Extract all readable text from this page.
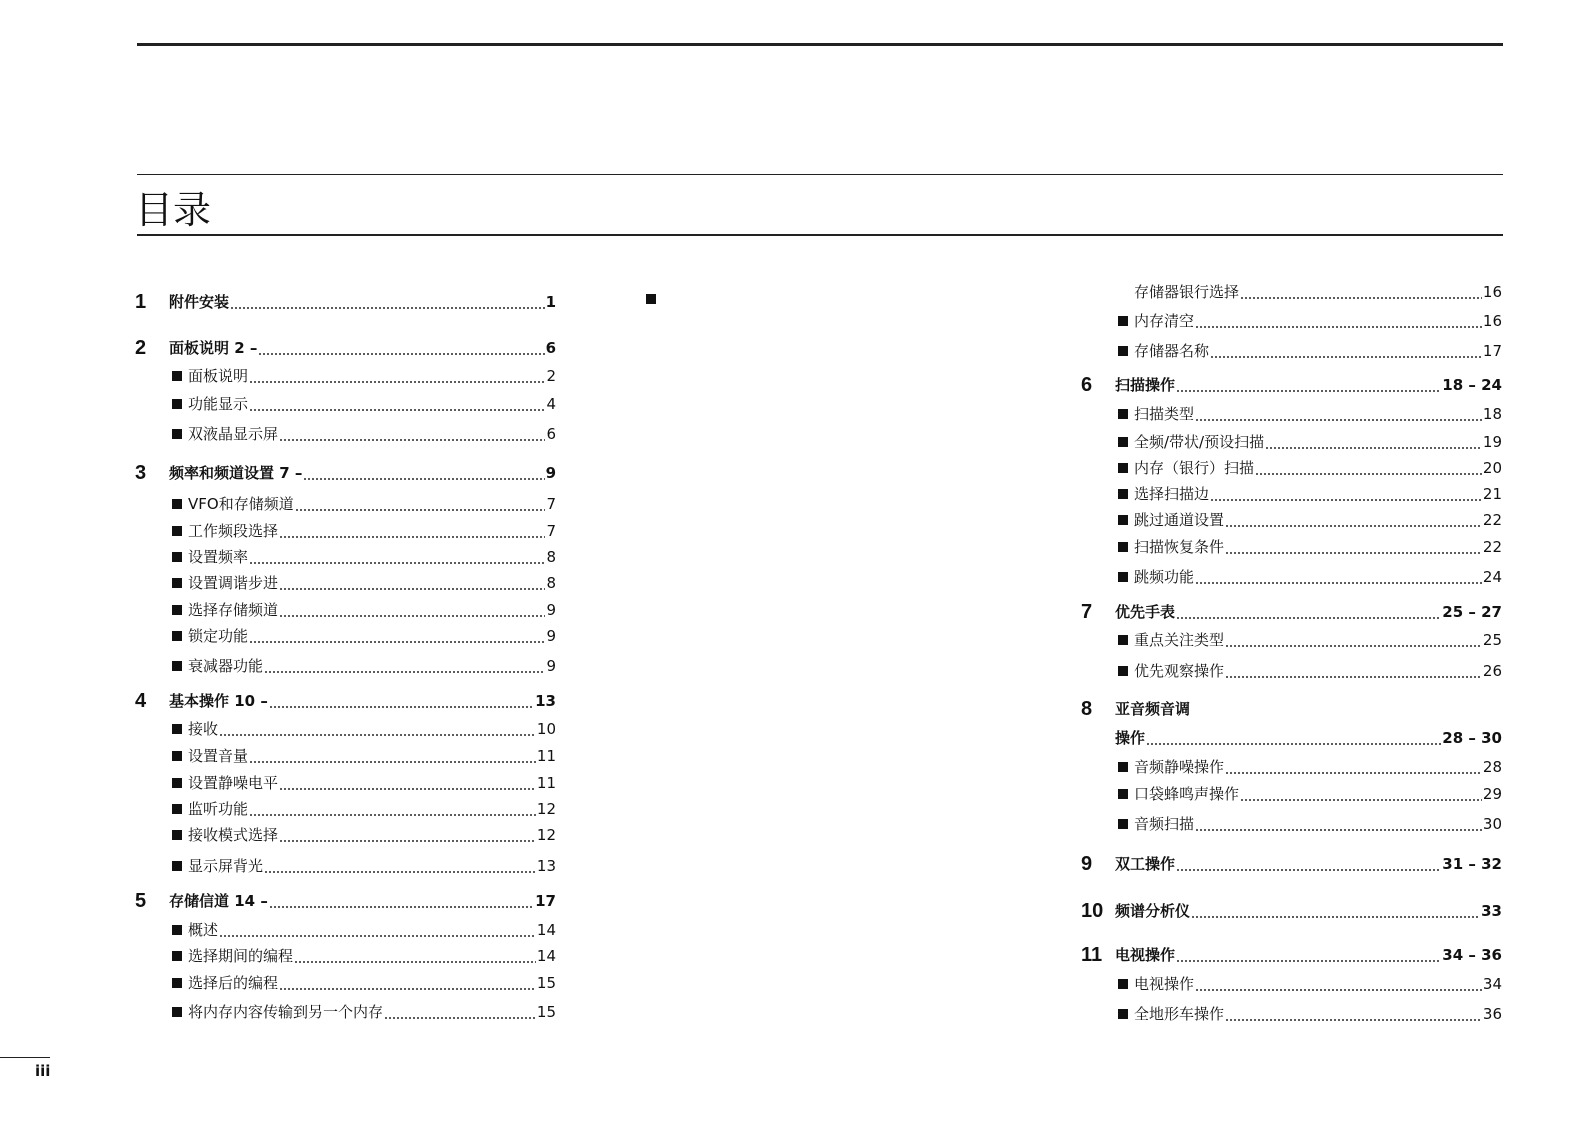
目录
1 附件安装	1
2 面板说明 2 –	6
面板说明	2
功能显示	4
双液晶显示屏	6
3 频率和频道设置 7 –	9
VFO和存储频道	7
工作频段选择	7
设置频率	8
设置调谐步进	8
选择存储频道	9
锁定功能	9
衰减器功能	9
4 基本操作 10 –	13
接收	10
设置音量	11
设置静噪电平	11
监听功能	12
接收模式选择	12
显示屏背光	13
5 存储信道 14 –	17
概述	14
选择期间的编程	14
选择后的编程	15
将内存内容传输到另一个内存	15
存储器银行选择	16
内存清空	16
存储器名称	17
6 扫描操作	18 – 24
扫描类型	18
全频/带状/预设扫描	19
内存（银行）扫描	20
选择扫描边	21
跳过通道设置	22
扫描恢复条件	22
跳频功能	24
7 优先手表	25 – 27
重点关注类型	25
优先观察操作	26
8 亚音频音调
操作	28 – 30
音频静噪操作	28
口袋蜂鸣声操作	29
音频扫描	30
9 双工操作	31 – 32
10 频谱分析仪	33
11 电视操作	34 – 36
电视操作	34
全地形车操作	36
iii
